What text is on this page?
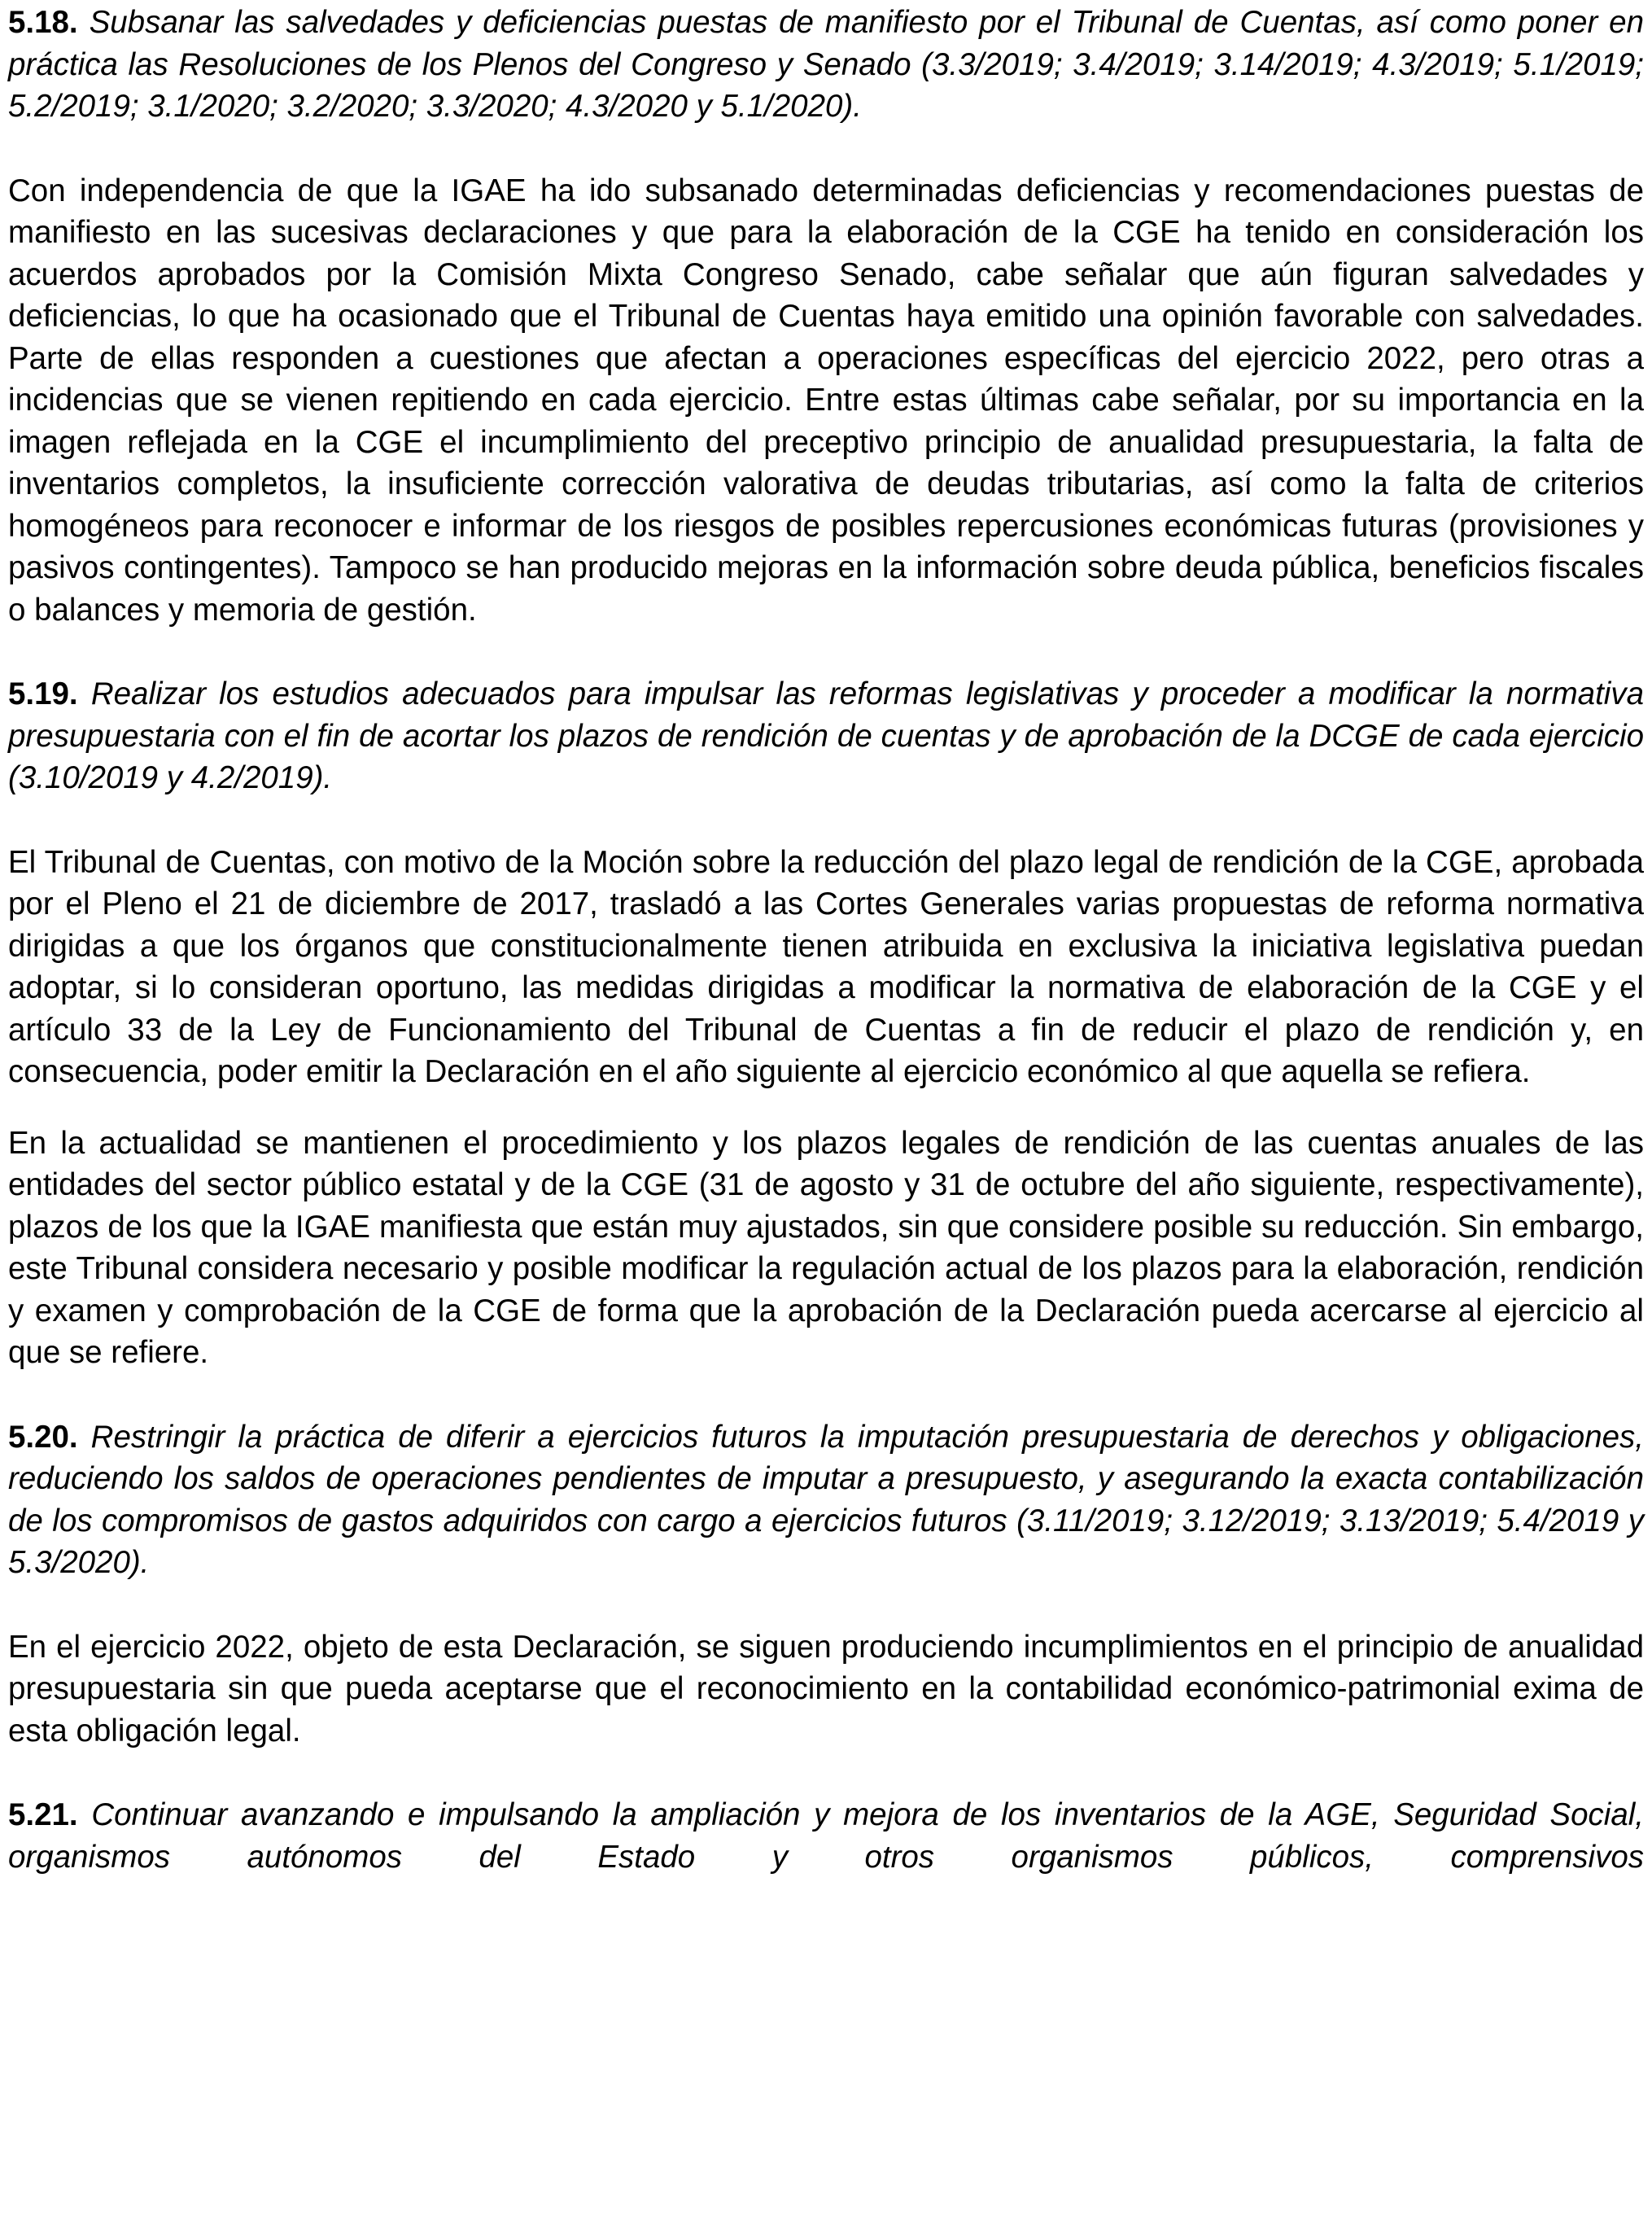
5.18. Subsanar las salvedades y deficiencias puestas de manifiesto por el Tribunal de Cuentas, así como poner en práctica las Resoluciones de los Plenos del Congreso y Senado (3.3/2019; 3.4/2019; 3.14/2019; 4.3/2019; 5.1/2019; 5.2/2019; 3.1/2020; 3.2/2020; 3.3/2020; 4.3/2020 y 5.1/2020).

Con independencia de que la IGAE ha ido subsanado determinadas deficiencias y recomendaciones puestas de manifiesto en las sucesivas declaraciones y que para la elaboración de la CGE ha tenido en consideración los acuerdos aprobados por la Comisión Mixta Congreso Senado, cabe señalar que aún figuran salvedades y deficiencias, lo que ha ocasionado que el Tribunal de Cuentas haya emitido una opinión favorable con salvedades. Parte de ellas responden a cuestiones que afectan a operaciones específicas del ejercicio 2022, pero otras a incidencias que se vienen repitiendo en cada ejercicio. Entre estas últimas cabe señalar, por su importancia en la imagen reflejada en la CGE el incumplimiento del preceptivo principio de anualidad presupuestaria, la falta de inventarios completos, la insuficiente corrección valorativa de deudas tributarias, así como la falta de criterios homogéneos para reconocer e informar de los riesgos de posibles repercusiones económicas futuras (provisiones y pasivos contingentes). Tampoco se han producido mejoras en la información sobre deuda pública, beneficios fiscales o balances y memoria de gestión.

5.19. Realizar los estudios adecuados para impulsar las reformas legislativas y proceder a modificar la normativa presupuestaria con el fin de acortar los plazos de rendición de cuentas y de aprobación de la DCGE de cada ejercicio (3.10/2019 y 4.2/2019).

El Tribunal de Cuentas, con motivo de la Moción sobre la reducción del plazo legal de rendición de la CGE, aprobada por el Pleno el 21 de diciembre de 2017, trasladó a las Cortes Generales varias propuestas de reforma normativa dirigidas a que los órganos que constitucionalmente tienen atribuida en exclusiva la iniciativa legislativa puedan adoptar, si lo consideran oportuno, las medidas dirigidas a modificar la normativa de elaboración de la CGE y el artículo 33 de la Ley de Funcionamiento del Tribunal de Cuentas a fin de reducir el plazo de rendición y, en consecuencia, poder emitir la Declaración en el año siguiente al ejercicio económico al que aquella se refiera.

En la actualidad se mantienen el procedimiento y los plazos legales de rendición de las cuentas anuales de las entidades del sector público estatal y de la CGE (31 de agosto y 31 de octubre del año siguiente, respectivamente), plazos de los que la IGAE manifiesta que están muy ajustados, sin que considere posible su reducción. Sin embargo, este Tribunal considera necesario y posible modificar la regulación actual de los plazos para la elaboración, rendición y examen y comprobación de la CGE de forma que la aprobación de la Declaración pueda acercarse al ejercicio al que se refiere.

5.20. Restringir la práctica de diferir a ejercicios futuros la imputación presupuestaria de derechos y obligaciones, reduciendo los saldos de operaciones pendientes de imputar a presupuesto, y asegurando la exacta contabilización de los compromisos de gastos adquiridos con cargo a ejercicios futuros (3.11/2019; 3.12/2019; 3.13/2019; 5.4/2019 y 5.3/2020).

En el ejercicio 2022, objeto de esta Declaración, se siguen produciendo incumplimientos en el principio de anualidad presupuestaria sin que pueda aceptarse que el reconocimiento en la contabilidad económico-patrimonial exima de esta obligación legal.

5.21. Continuar avanzando e impulsando la ampliación y mejora de los inventarios de la AGE, Seguridad Social, organismos autónomos del Estado y otros organismos públicos, comprensivos
